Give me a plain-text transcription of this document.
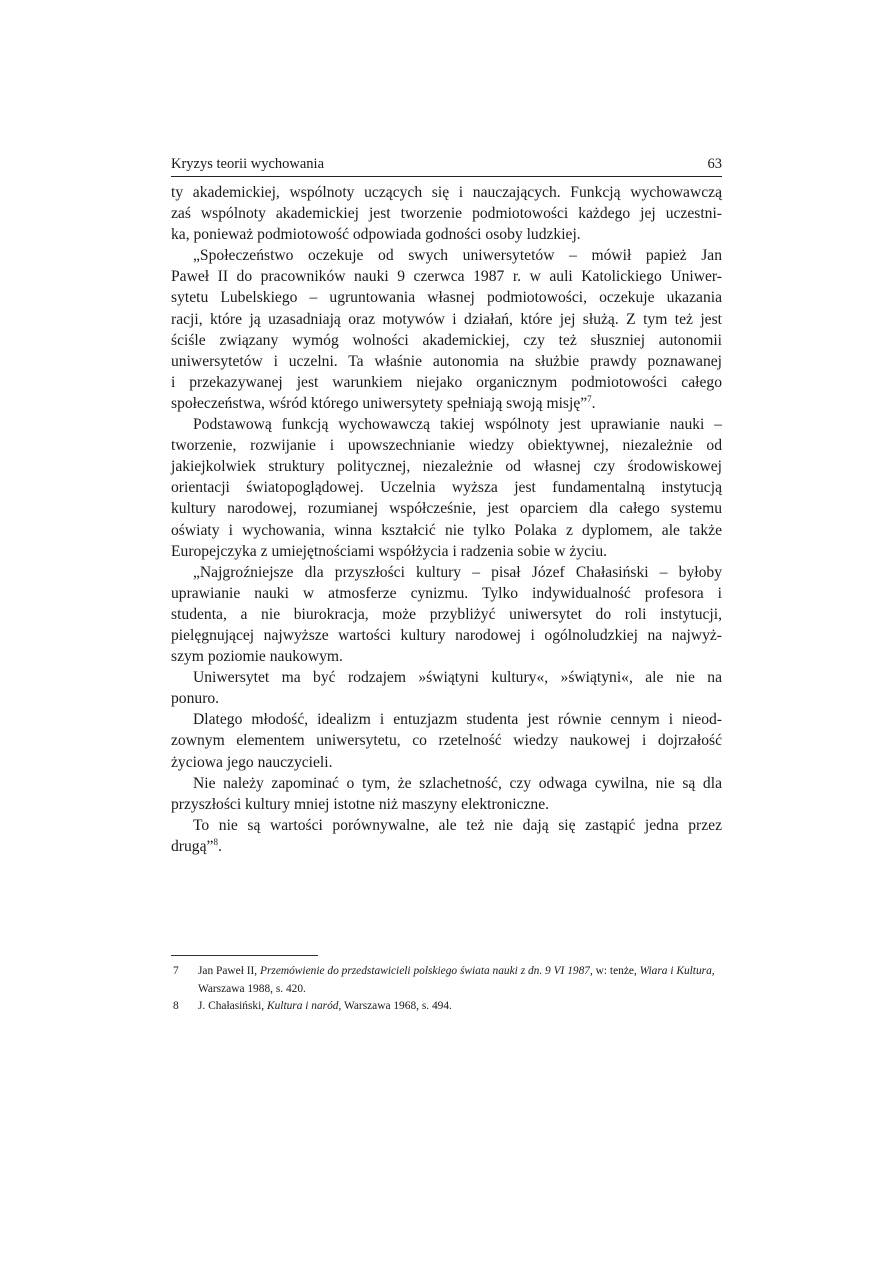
Kryzys teorii wychowania	63
ty akademickiej, wspólnoty uczących się i nauczających. Funkcją wychowawczą
zaś wspólnoty akademickiej jest tworzenie podmiotowości każdego jej uczestni-
ka, ponieważ podmiotowość odpowiada godności osoby ludzkiej.
„Społeczeństwo oczekuje od swych uniwersytetów – mówił papież Jan
Paweł II do pracowników nauki 9 czerwca 1987 r. w auli Katolickiego Uniwer-
sytetu Lubelskiego – ugruntowania własnej podmiotowości, oczekuje ukazania
racji, które ją uzasadniają oraz motywów i działań, które jej służą. Z tym też jest
ściśle związany wymóg wolności akademickiej, czy też słuszniej autonomii
uniwersytetów i uczelni. Ta właśnie autonomia na służbie prawdy poznawanej
i przekazywanej jest warunkiem niejako organicznym podmiotowości całego
społeczeństwa, wśród którego uniwersytety spełniają swoją misję”$^7$.
Podstawową funkcją wychowawczą takiej wspólnoty jest uprawianie nauki –
tworzenie, rozwijanie i upowszechnianie wiedzy obiektywnej, niezależnie od
jakiejkolwiek struktury politycznej, niezależnie od własnej czy środowiskowej
orientacji światopoglądowej. Uczelnia wyższa jest fundamentalną instytucją
kultury narodowej, rozumianej współcześnie, jest oparciem dla całego systemu
oświaty i wychowania, winna kształcić nie tylko Polaka z dyplomem, ale także
Europejczyka z umiejętnościami współżycia i radzenia sobie w życiu.
„Najgroźniejsze dla przyszłości kultury – pisał Józef Chałasiński – byłoby
uprawianie nauki w atmosferze cynizmu. Tylko indywidualność profesora i
studenta, a nie biurokracja, może przybliżyć uniwersytet do roli instytucji,
pielęgnującej najwyższe wartości kultury narodowej i ogólnoludzkiej na najwyż-
szym poziomie naukowym.
Uniwersytet ma być rodzajem »świątyni kultury«, »świątyni«, ale nie na
ponuro.
Dlatego młodość, idealizm i entuzjazm studenta jest równie cennym i nieod-
zownym elementem uniwersytetu, co rzetelność wiedzy naukowej i dojrzałość
życiowa jego nauczycieli.
Nie należy zapominać o tym, że szlachetność, czy odwaga cywilna, nie są dla
przyszłości kultury mniej istotne niż maszyny elektroniczne.
To nie są wartości porównywalne, ale też nie dają się zastąpić jedna przez
drugą”$^8$.
7 Jan Paweł II, Przemówienie do przedstawicieli polskiego świata nauki z dn. 9 VI 1987, w: tenże, Wiara i Kultura, Warszawa 1988, s. 420.
8 J. Chałasiński, Kultura i naród, Warszawa 1968, s. 494.
